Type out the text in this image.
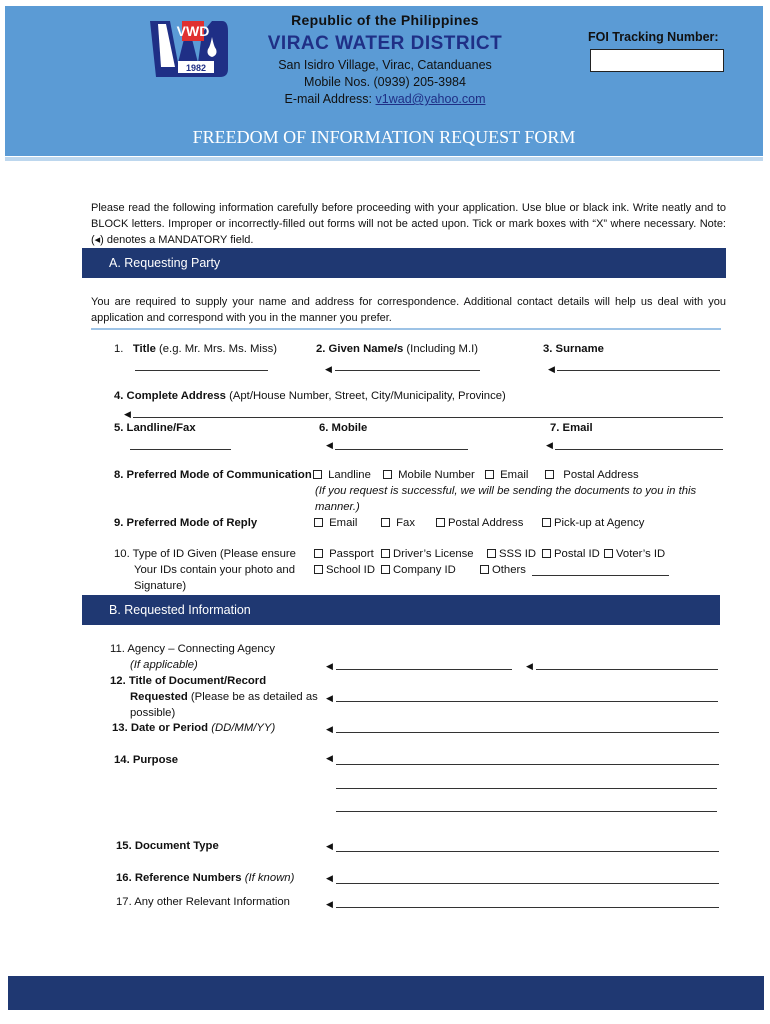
VWD
1982
Republic of the Philippines
VIRAC WATER DISTRICT
San Isidro Village, Virac, Catanduanes
Mobile Nos. (0939) 205-3984
E-mail Address: v1wad@yahoo.com
FOI Tracking Number:
FREEDOM OF INFORMATION REQUEST FORM
Please read the following information carefully before proceeding with your application. Use blue or black ink. Write neatly and to BLOCK letters. Improper or incorrectly-filled out forms will not be acted upon. Tick or mark boxes with “X” where necessary. Note: (◂) denotes a MANDATORY field.
A. Requesting Party
You are required to supply your name and address for correspondence. Additional contact details will help us deal with you application and correspond with you in the manner you prefer.
1. Title (e.g. Mr. Mrs. Ms. Miss)	2. Given Name/s (Including M.I)
◀
3. Surname
◀
4. Complete Address (Apt/House Number, Street, City/Municipality, Province)
◀
5. Landline/Fax	6. Mobile
◀
7. Email
◀
8. Preferred Mode of Communication	Landline	Mobile Number	Email	Postal Address
(If you request is successful, we will be sending the documents to you in this
manner.)
9. Preferred Mode of Reply	Email	Fax	Postal Address	Pick-up at Agency
10. Type of ID Given (Please ensure
Your IDs contain your photo and
Signature)
Passport	Driver’s License	SSS ID	Postal ID	Voter’s ID
School ID	Company ID	Others
B. Requested Information
11. Agency – Connecting Agency
(If applicable)	◀	◀
12. Title of Document/Record
Requested (Please be as detailed as
possible)
◀
13. Date or Period (DD/MM/YY)	◀
14. Purpose	◀
15. Document Type	◀
16. Reference Numbers (If known)	◀
17. Any other Relevant Information	◀
